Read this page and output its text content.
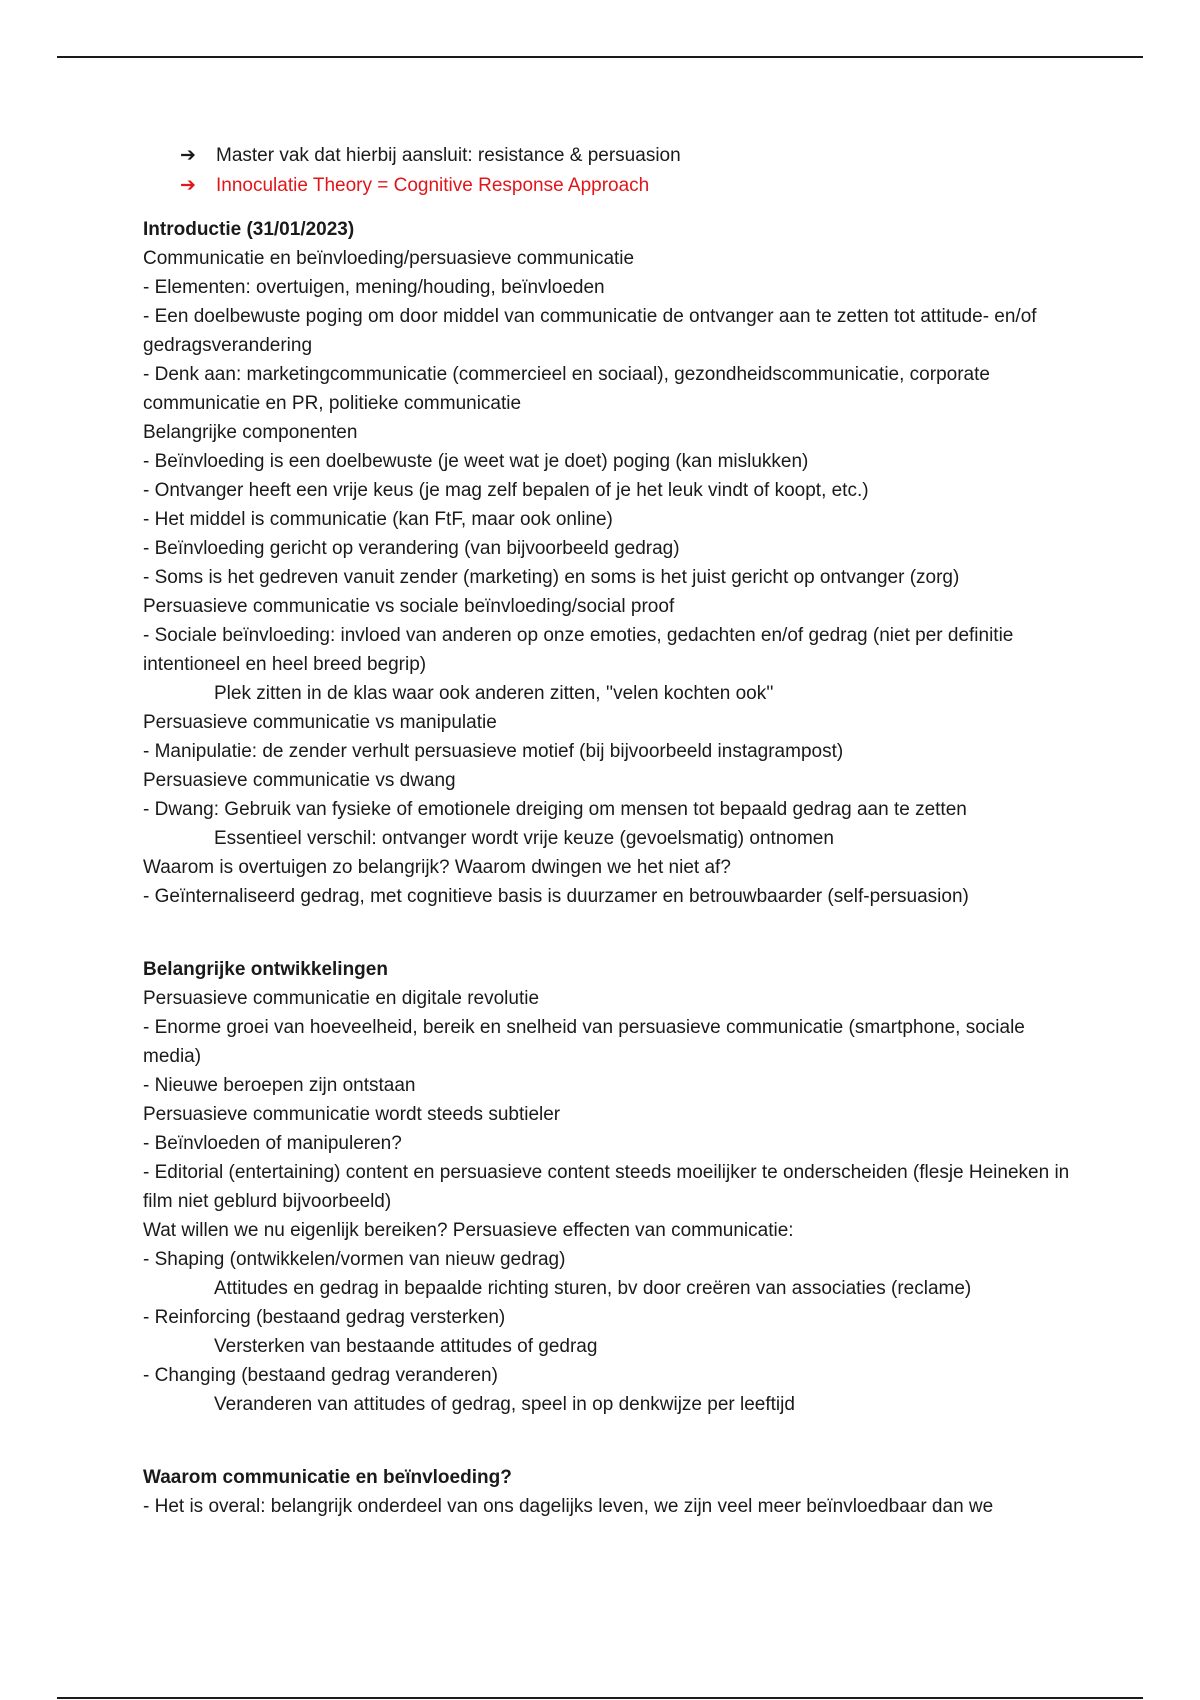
➔ Master vak dat hierbij aansluit: resistance & persuasion
➔ Innoculatie Theory = Cognitive Response Approach
Introductie (31/01/2023)
Communicatie en beïnvloeding/persuasieve communicatie
- Elementen: overtuigen, mening/houding, beïnvloeden
- Een doelbewuste poging om door middel van communicatie de ontvanger aan te zetten tot attitude- en/of gedragsverandering
- Denk aan: marketingcommunicatie (commercieel en sociaal), gezondheidscommunicatie, corporate communicatie en PR, politieke communicatie
Belangrijke componenten
- Beïnvloeding is een doelbewuste (je weet wat je doet) poging (kan mislukken)
- Ontvanger heeft een vrije keus (je mag zelf bepalen of je het leuk vindt of koopt, etc.)
- Het middel is communicatie (kan FtF, maar ook online)
- Beïnvloeding gericht op verandering (van bijvoorbeeld gedrag)
- Soms is het gedreven vanuit zender (marketing) en soms is het juist gericht op ontvanger (zorg)
Persuasieve communicatie vs sociale beïnvloeding/social proof
- Sociale beïnvloeding: invloed van anderen op onze emoties, gedachten en/of gedrag (niet per definitie intentioneel en heel breed begrip)
Plek zitten in de klas waar ook anderen zitten, ''velen kochten ook''
Persuasieve communicatie vs manipulatie
- Manipulatie: de zender verhult persuasieve motief (bij bijvoorbeeld instagrampost)
Persuasieve communicatie vs dwang
- Dwang: Gebruik van fysieke of emotionele dreiging om mensen tot bepaald gedrag aan te zetten
Essentieel verschil: ontvanger wordt vrije keuze (gevoelsmatig) ontnomen
Waarom is overtuigen zo belangrijk? Waarom dwingen we het niet af?
- Geïnternaliseerd gedrag, met cognitieve basis is duurzamer en betrouwbaarder (self-persuasion)
Belangrijke ontwikkelingen
Persuasieve communicatie en digitale revolutie
- Enorme groei van hoeveelheid, bereik en snelheid van persuasieve communicatie (smartphone, sociale media)
- Nieuwe beroepen zijn ontstaan
Persuasieve communicatie wordt steeds subtieler
- Beïnvloeden of manipuleren?
- Editorial (entertaining) content en persuasieve content steeds moeilijker te onderscheiden (flesje Heineken in film niet geblurd bijvoorbeeld)
Wat willen we nu eigenlijk bereiken? Persuasieve effecten van communicatie:
- Shaping (ontwikkelen/vormen van nieuw gedrag)
Attitudes en gedrag in bepaalde richting sturen, bv door creëren van associaties (reclame)
- Reinforcing (bestaand gedrag versterken)
Versterken van bestaande attitudes of gedrag
- Changing (bestaand gedrag veranderen)
Veranderen van attitudes of gedrag, speel in op denkwijze per leeftijd
Waarom communicatie en beïnvloeding?
- Het is overal: belangrijk onderdeel van ons dagelijks leven, we zijn veel meer beïnvloedbaar dan we
